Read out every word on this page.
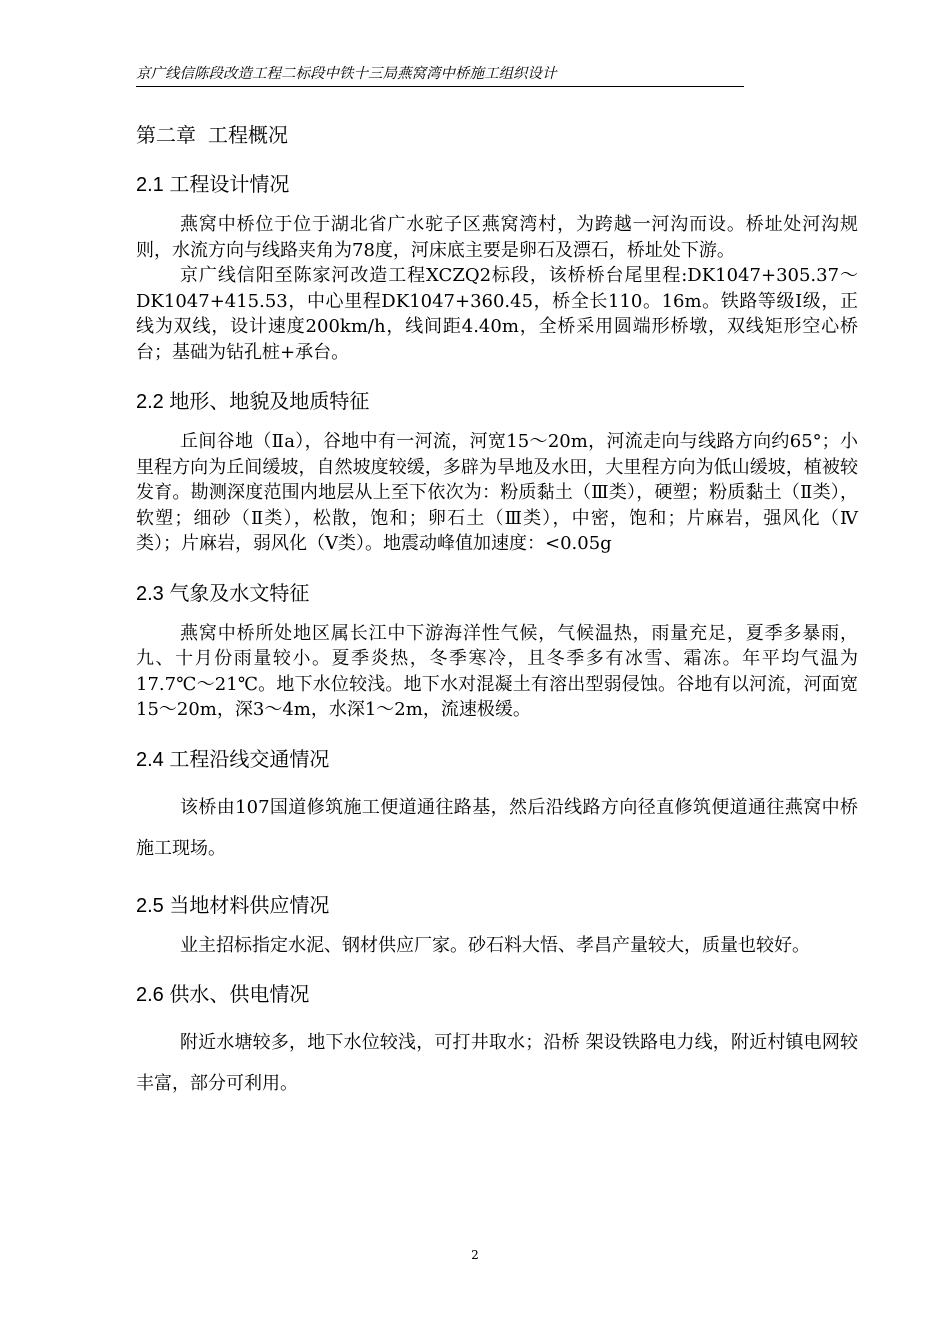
京广线信陈段改造工程二标段中铁十三局燕窝湾中桥施工组织设计
第二章 工程概况
2.1 工程设计情况

燕窝中桥位于位于湖北省广水驼子区燕窝湾村，为跨越一河沟而设。桥址处河沟规则，水流方向与线路夹角为78度，河床底主要是卵石及漂石，桥址处下游。

京广线信阳至陈家河改造工程XCZQ2标段，该桥桥台尾里程:DK1047+305.37～DK1047+415.53，中心里程DK1047+360.45，桥全长110。16m。铁路等级Ⅰ级，正线为双线，设计速度200km/h，线间距4.40m，全桥采用圆端形桥墩，双线矩形空心桥台；基础为钻孔桩+承台。

2.2 地形、地貌及地质特征

丘间谷地（Ⅱa），谷地中有一河流，河宽15～20m，河流走向与线路方向约65°；小里程方向为丘间缓坡，自然坡度较缓，多辟为旱地及水田，大里程方向为低山缓坡，植被较发育。勘测深度范围内地层从上至下依次为：粉质黏土（Ⅲ类），硬塑；粉质黏土（Ⅱ类），软塑；细砂（Ⅱ类），松散，饱和；卵石土（Ⅲ类），中密，饱和；片麻岩，强风化（Ⅳ类）；片麻岩，弱风化（Ⅴ类）。地震动峰值加速度：<0.05g

2.3 气象及水文特征

燕窝中桥所处地区属长江中下游海洋性气候，气候温热，雨量充足，夏季多暴雨，九、十月份雨量较小。夏季炎热，冬季寒冷，且冬季多有冰雪、霜冻。年平均气温为17.7℃～21℃。地下水位较浅。地下水对混凝土有溶出型弱侵蚀。谷地有以河流，河面宽15～20m，深3～4m，水深1～2m，流速极缓。

2.4 工程沿线交通情况

该桥由107国道修筑施工便道通往路基，然后沿线路方向径直修筑便道通往燕窝中桥施工现场。

2.5 当地材料供应情况

业主招标指定水泥、钢材供应厂家。砂石料大悟、孝昌产量较大，质量也较好。

2.6 供水、供电情况

附近水塘较多，地下水位较浅，可打井取水；沿桥 架设铁路电力线，附近村镇电网较丰富，部分可利用。

2
